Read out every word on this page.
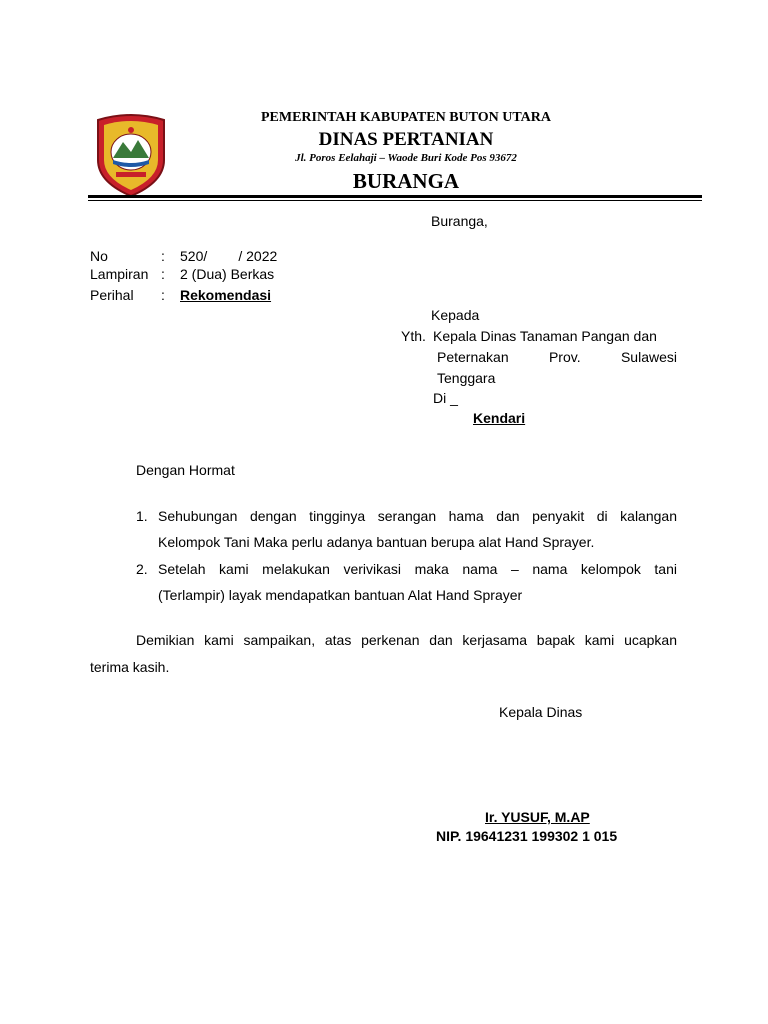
PEMERINTAH KABUPATEN BUTON UTARA
DINAS PERTANIAN
Jl. Poros Eelahaji – Waode Buri Kode Pos 93672
BURANGA
Buranga,
No	: 520/        / 2022
Lampiran : 2 (Dua) Berkas
Perihal : Rekomendasi
Kepada
Yth. Kepala Dinas Tanaman Pangan dan
Peternakan Prov. Sulawesi
Tenggara
Di _
Kendari
Dengan Hormat
1. Sehubungan dengan tingginya serangan hama dan penyakit di kalangan
Kelompok Tani Maka perlu adanya bantuan berupa alat Hand Sprayer.
2. Setelah kami melakukan verivikasi maka nama – nama kelompok tani
(Terlampir) layak mendapatkan bantuan Alat Hand Sprayer
Demikian kami sampaikan, atas perkenan dan kerjasama bapak kami ucapkan
terima kasih.
Kepala Dinas
Ir. YUSUF, M.AP
NIP. 19641231 199302 1 015
